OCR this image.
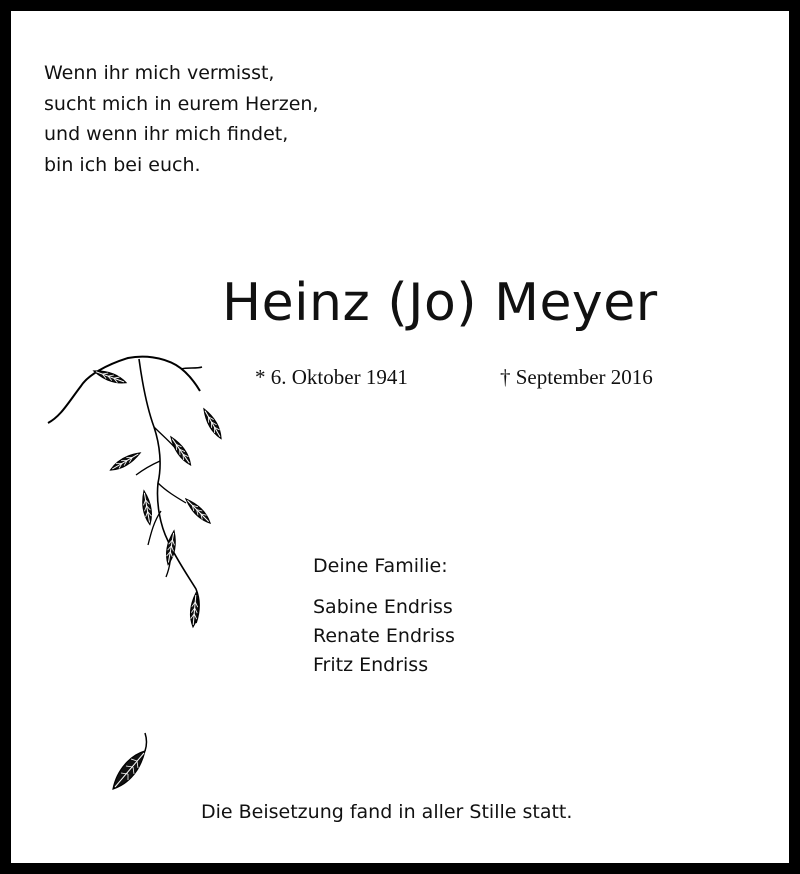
Wenn ihr mich vermisst,
sucht mich in eurem Herzen,
und wenn ihr mich findet,
bin ich bei euch.
Heinz (Jo) Meyer
* 6. Oktober 1941	† September 2016
Deine Familie:
Sabine Endriss
Renate Endriss
Fritz Endriss
Die Beisetzung fand in aller Stille statt.
